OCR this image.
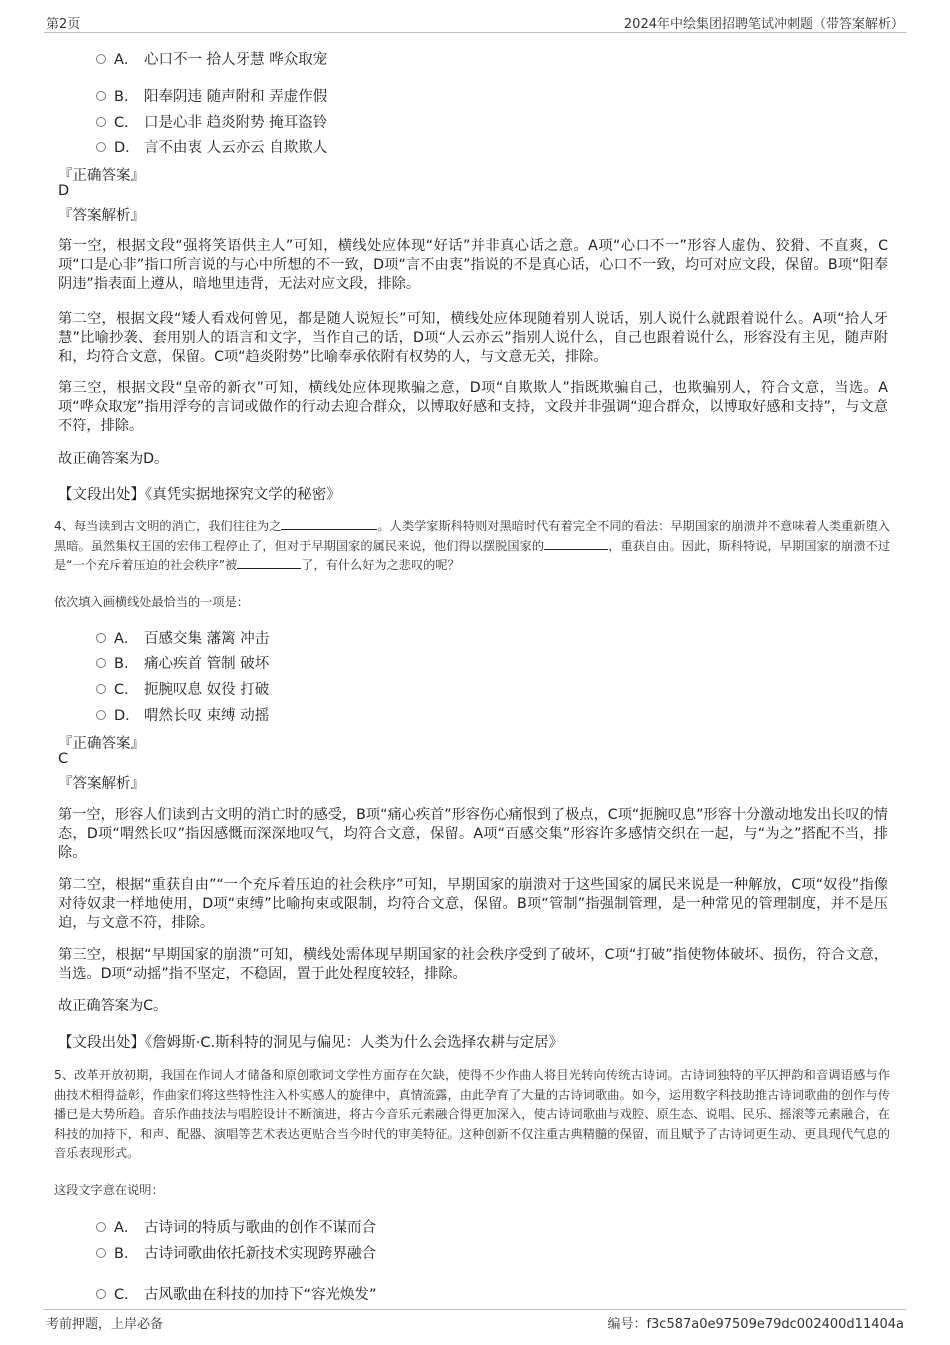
第2页	2024年中绘集团招聘笔试冲刺题（带答案解析）
A． 心口不一 拾人牙慧 哗众取宠
B． 阳奉阴违 随声附和 弄虚作假
C． 口是心非 趋炎附势 掩耳盗铃
D． 言不由衷 人云亦云 自欺欺人
『正确答案』
D
『答案解析』
第一空，根据文段“强将笑语供主人”可知，横线处应体现“好话”并非真心话之意。A项“心口不一”形容人虚伪、狡猾、不直爽，C项“口是心非”指口所言说的与心中所想的不一致，D项“言不由衷”指说的不是真心话，心口不一致，均可对应文段，保留。B项“阳奉阴违”指表面上遵从，暗地里违背，无法对应文段，排除。
第二空，根据文段“矮人看戏何曾见，都是随人说短长”可知，横线处应体现随着别人说话，别人说什么就跟着说什么。A项“拾人牙慧”比喻抄袭、套用别人的语言和文字，当作自己的话，D项“人云亦云”指别人说什么，自己也跟着说什么，形容没有主见，随声附和，均符合文意，保留。C项“趋炎附势”比喻奉承依附有权势的人，与文意无关，排除。
第三空，根据文段“皇帝的新衣”可知，横线处应体现欺骗之意，D项“自欺欺人”指既欺骗自己，也欺骗别人，符合文意，当选。A项“哗众取宠”指用浮夸的言词或做作的行动去迎合群众，以博取好感和支持，文段并非强调“迎合群众，以博取好感和支持”，与文意不符，排除。
故正确答案为D。
【文段出处】《真凭实据地探究文学的秘密》
4、每当读到古文明的消亡，我们往往为之	。人类学家斯科特则对黑暗时代有着完全不同的看法：早期国家的崩溃并不意味着人类重新堕入黑暗。虽然集权王国的宏伟工程停止了，但对于早期国家的属民来说，他们得以摆脱国家的	，重获自由。因此，斯科特说，早期国家的崩溃不过是“一个充斥着压迫的社会秩序”被	了，有什么好为之悲叹的呢？
依次填入画横线处最恰当的一项是：
A． 百感交集 藩篱 冲击
B． 痛心疾首 管制 破坏
C． 扼腕叹息 奴役 打破
D． 喟然长叹 束缚 动摇
『正确答案』
C
『答案解析』
第一空，形容人们读到古文明的消亡时的感受，B项“痛心疾首”形容伤心痛恨到了极点，C项“扼腕叹息”形容十分激动地发出长叹的情态，D项“喟然长叹”指因感慨而深深地叹气，均符合文意，保留。A项“百感交集”形容许多感情交织在一起，与“为之”搭配不当，排除。
第二空，根据“重获自由”“一个充斥着压迫的社会秩序”可知，早期国家的崩溃对于这些国家的属民来说是一种解放，C项“奴役”指像对待奴隶一样地使用，D项“束缚”比喻拘束或限制，均符合文意，保留。B项“管制”指强制管理，是一种常见的管理制度，并不是压迫，与文意不符，排除。
第三空，根据“早期国家的崩溃”可知，横线处需体现早期国家的社会秩序受到了破坏，C项“打破”指使物体破坏、损伤，符合文意，当选。D项“动摇”指不坚定，不稳固，置于此处程度较轻，排除。
故正确答案为C。
【文段出处】《詹姆斯·C.斯科特的洞见与偏见：人类为什么会选择农耕与定居》
5、改革开放初期，我国在作词人才储备和原创歌词文学性方面存在欠缺，使得不少作曲人将目光转向传统古诗词。古诗词独特的平仄押韵和音调语感与作曲技术相得益彰，作曲家们将这些特性注入朴实感人的旋律中，真情流露，由此孕育了大量的古诗词歌曲。如今，运用数字科技助推古诗词歌曲的创作与传播已是大势所趋。音乐作曲技法与唱腔设计不断演进，将古今音乐元素融合得更加深入，使古诗词歌曲与戏腔、原生态、说唱、民乐、摇滚等元素融合，在科技的加持下，和声、配器、演唱等艺术表达更贴合当今时代的审美特征。这种创新不仅注重古典精髓的保留，而且赋予了古诗词更生动、更具现代气息的音乐表现形式。
这段文字意在说明：
A． 古诗词的特质与歌曲的创作不谋而合
B． 古诗词歌曲依托新技术实现跨界融合
C． 古风歌曲在科技的加持下“容光焕发”
考前押题，上岸必备	编号：f3c587a0e97509e79dc002400d11404a
